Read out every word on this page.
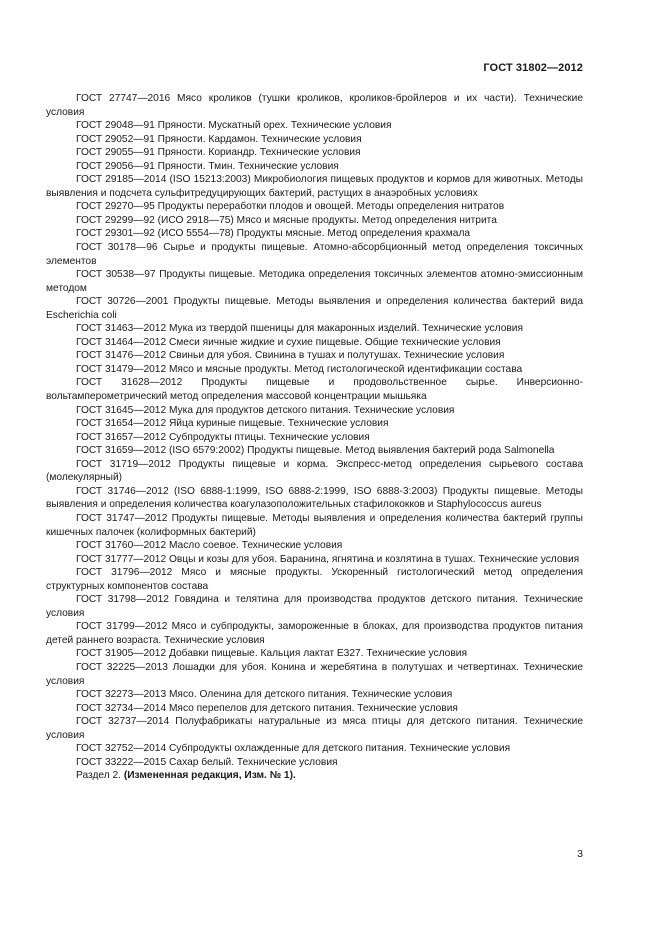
ГОСТ 31802—2012

ГОСТ 27747—2016 Мясо кроликов (тушки кроликов, кроликов-бройлеров и их части). Технические условия

ГОСТ 29048—91 Пряности. Мускатный орех. Технические условия

ГОСТ 29052—91 Пряности. Кардамон. Технические условия

ГОСТ 29055—91 Пряности. Кориандр. Технические условия

ГОСТ 29056—91 Пряности. Тмин. Технические условия

ГОСТ 29185—2014 (ISO 15213:2003) Микробиология пищевых продуктов и кормов для животных. Методы выявления и подсчета сульфитредуцирующих бактерий, растущих в анаэробных условиях

ГОСТ 29270—95 Продукты переработки плодов и овощей. Методы определения нитратов

ГОСТ 29299—92 (ИСО 2918—75) Мясо и мясные продукты. Метод определения нитрита

ГОСТ 29301—92 (ИСО 5554—78) Продукты мясные. Метод определения крахмала

ГОСТ 30178—96 Сырье и продукты пищевые. Атомно-абсорбционный метод определения токсичных элементов

ГОСТ 30538—97 Продукты пищевые. Методика определения токсичных элементов атомно-эмиссионным методом

ГОСТ 30726—2001 Продукты пищевые. Методы выявления и определения количества бактерий вида Escherichia coli

ГОСТ 31463—2012 Мука из твердой пшеницы для макаронных изделий. Технические условия

ГОСТ 31464—2012 Смеси яичные жидкие и сухие пищевые. Общие технические условия

ГОСТ 31476—2012 Свиньи для убоя. Свинина в тушах и полутушах. Технические условия

ГОСТ 31479—2012 Мясо и мясные продукты. Метод гистологической идентификации состава

ГОСТ 31628—2012 Продукты пищевые и продовольственное сырье. Инверсионно-вольтамперометрический метод определения массовой концентрации мышьяка

ГОСТ 31645—2012 Мука для продуктов детского питания. Технические условия

ГОСТ 31654—2012 Яйца куриные пищевые. Технические условия

ГОСТ 31657—2012 Субпродукты птицы. Технические условия

ГОСТ 31659—2012 (ISO 6579:2002) Продукты пищевые. Метод выявления бактерий рода Salmonella

ГОСТ 31719—2012 Продукты пищевые и корма. Экспресс-метод определения сырьевого состава (молекулярный)

ГОСТ 31746—2012 (ISO 6888-1:1999, ISO 6888-2:1999, ISO 6888-3:2003) Продукты пищевые. Методы выявления и определения количества коагулазоположительных стафилококков и Staphylococcus aureus

ГОСТ 31747—2012 Продукты пищевые. Методы выявления и определения количества бактерий группы кишечных палочек (колиформных бактерий)

ГОСТ 31760—2012 Масло соевое. Технические условия

ГОСТ 31777—2012 Овцы и козы для убоя. Баранина, ягнятина и козлятина в тушах. Технические условия

ГОСТ 31796—2012 Мясо и мясные продукты. Ускоренный гистологический метод определения структурных компонентов состава

ГОСТ 31798—2012 Говядина и телятина для производства продуктов детского питания. Технические условия

ГОСТ 31799—2012 Мясо и субпродукты, замороженные в блоках, для производства продуктов питания детей раннего возраста. Технические условия

ГОСТ 31905—2012 Добавки пищевые. Кальция лактат Е327. Технические условия

ГОСТ 32225—2013 Лошадки для убоя. Конина и жеребятина в полутушах и четвертинах. Технические условия

ГОСТ 32273—2013 Мясо. Оленина для детского питания. Технические условия

ГОСТ 32734—2014 Мясо перепелов для детского питания. Технические условия

ГОСТ 32737—2014 Полуфабрикаты натуральные из мяса птицы для детского питания. Технические условия

ГОСТ 32752—2014 Субпродукты охлажденные для детского питания. Технические условия

ГОСТ 33222—2015 Сахар белый. Технические условия

Раздел 2. (Измененная редакция, Изм. № 1).

3
